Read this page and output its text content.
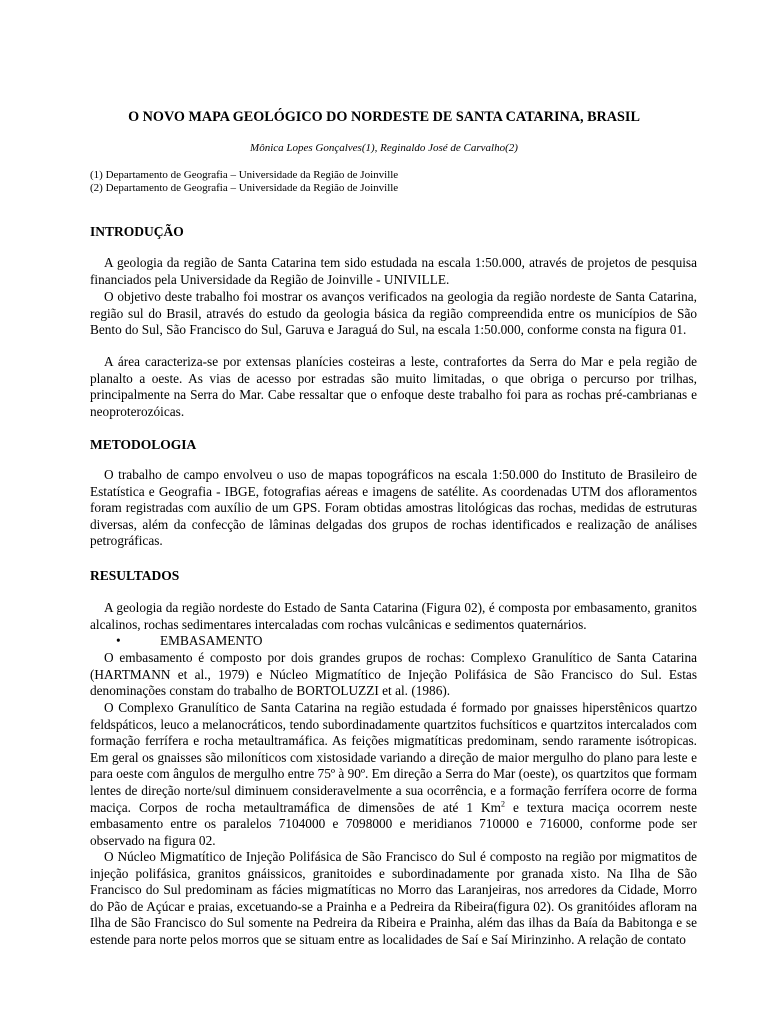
O NOVO MAPA GEOLÓGICO DO NORDESTE DE SANTA CATARINA, BRASIL
Mônica Lopes Gonçalves(1), Reginaldo José de Carvalho(2)
(1) Departamento de Geografia – Universidade da Região de Joinville
(2) Departamento de Geografia – Universidade da Região de Joinville
INTRODUÇÃO
A geologia da região de Santa Catarina tem sido estudada na escala 1:50.000, através de projetos de pesquisa financiados pela Universidade da Região de Joinville - UNIVILLE.
O objetivo deste trabalho foi mostrar os avanços verificados na geologia da região nordeste de Santa Catarina, região sul do Brasil, através do estudo da geologia básica da região compreendida entre os municípios de São Bento do Sul, São Francisco do Sul, Garuva e Jaraguá do Sul, na escala 1:50.000, conforme consta na figura 01.
A área caracteriza-se por extensas planícies costeiras a leste, contrafortes da Serra do Mar e pela região de planalto a oeste. As vias de acesso por estradas são muito limitadas, o que obriga o percurso por trilhas, principalmente na Serra do Mar. Cabe ressaltar que o enfoque deste trabalho foi para as rochas pré-cambrianas e neoproterozóicas.
METODOLOGIA
O trabalho de campo envolveu o uso de mapas topográficos na escala 1:50.000 do Instituto de Brasileiro de Estatística e Geografia - IBGE, fotografias aéreas e imagens de satélite. As coordenadas UTM dos afloramentos foram registradas com auxílio de um GPS. Foram obtidas amostras litológicas das rochas, medidas de estruturas diversas, além da confecção de lâminas delgadas dos grupos de rochas identificados e realização de análises petrográficas.
RESULTADOS
A geologia da região nordeste do Estado de Santa Catarina (Figura 02), é composta por embasamento, granitos alcalinos, rochas sedimentares intercaladas com rochas vulcânicas e sedimentos quaternários.
•	EMBASAMENTO
O embasamento é composto por dois grandes grupos de rochas: Complexo Granulítico de Santa Catarina (HARTMANN et al., 1979) e Núcleo Migmatítico de Injeção Polifásica de São Francisco do Sul. Estas denominações constam do trabalho de BORTOLUZZI et al. (1986).
O Complexo Granulítico de Santa Catarina na região estudada é formado por gnaisses hiperstênicos quartzo feldspáticos, leuco a melanocráticos, tendo subordinadamente quartzitos fuchsíticos e quartzitos intercalados com formação ferrífera e rocha metaultramáfica. As feições migmatíticas predominam, sendo raramente isótropicas. Em geral os gnaisses são miloníticos com xistosidade variando a direção de maior mergulho do plano para leste e para oeste com ângulos de mergulho entre 75º à 90º. Em direção a Serra do Mar (oeste), os quartzitos que formam lentes de direção norte/sul diminuem consideravelmente a sua ocorrência, e a formação ferrífera ocorre de forma maciça. Corpos de rocha metaultramáfica de dimensões de até 1 Km$^2$ e textura maciça ocorrem neste embasamento entre os paralelos 7104000 e 7098000 e meridianos 710000 e 716000, conforme pode ser observado na figura 02.
O Núcleo Migmatítico de Injeção Polifásica de São Francisco do Sul é composto na região por migmatitos de injeção polifásica, granitos gnáissicos, granitoides e subordinadamente por granada xisto. Na Ilha de São Francisco do Sul predominam as fácies migmatíticas no Morro das Laranjeiras, nos arredores da Cidade, Morro do Pão de Açúcar e praias, excetuando-se a Prainha e a Pedreira da Ribeira(figura 02). Os granitóides afloram na Ilha de São Francisco do Sul somente na Pedreira da Ribeira e Prainha, além das ilhas da Baía da Babitonga e se estende para norte pelos morros que se situam entre as localidades de Saí e Saí Mirinzinho. A relação de contato
